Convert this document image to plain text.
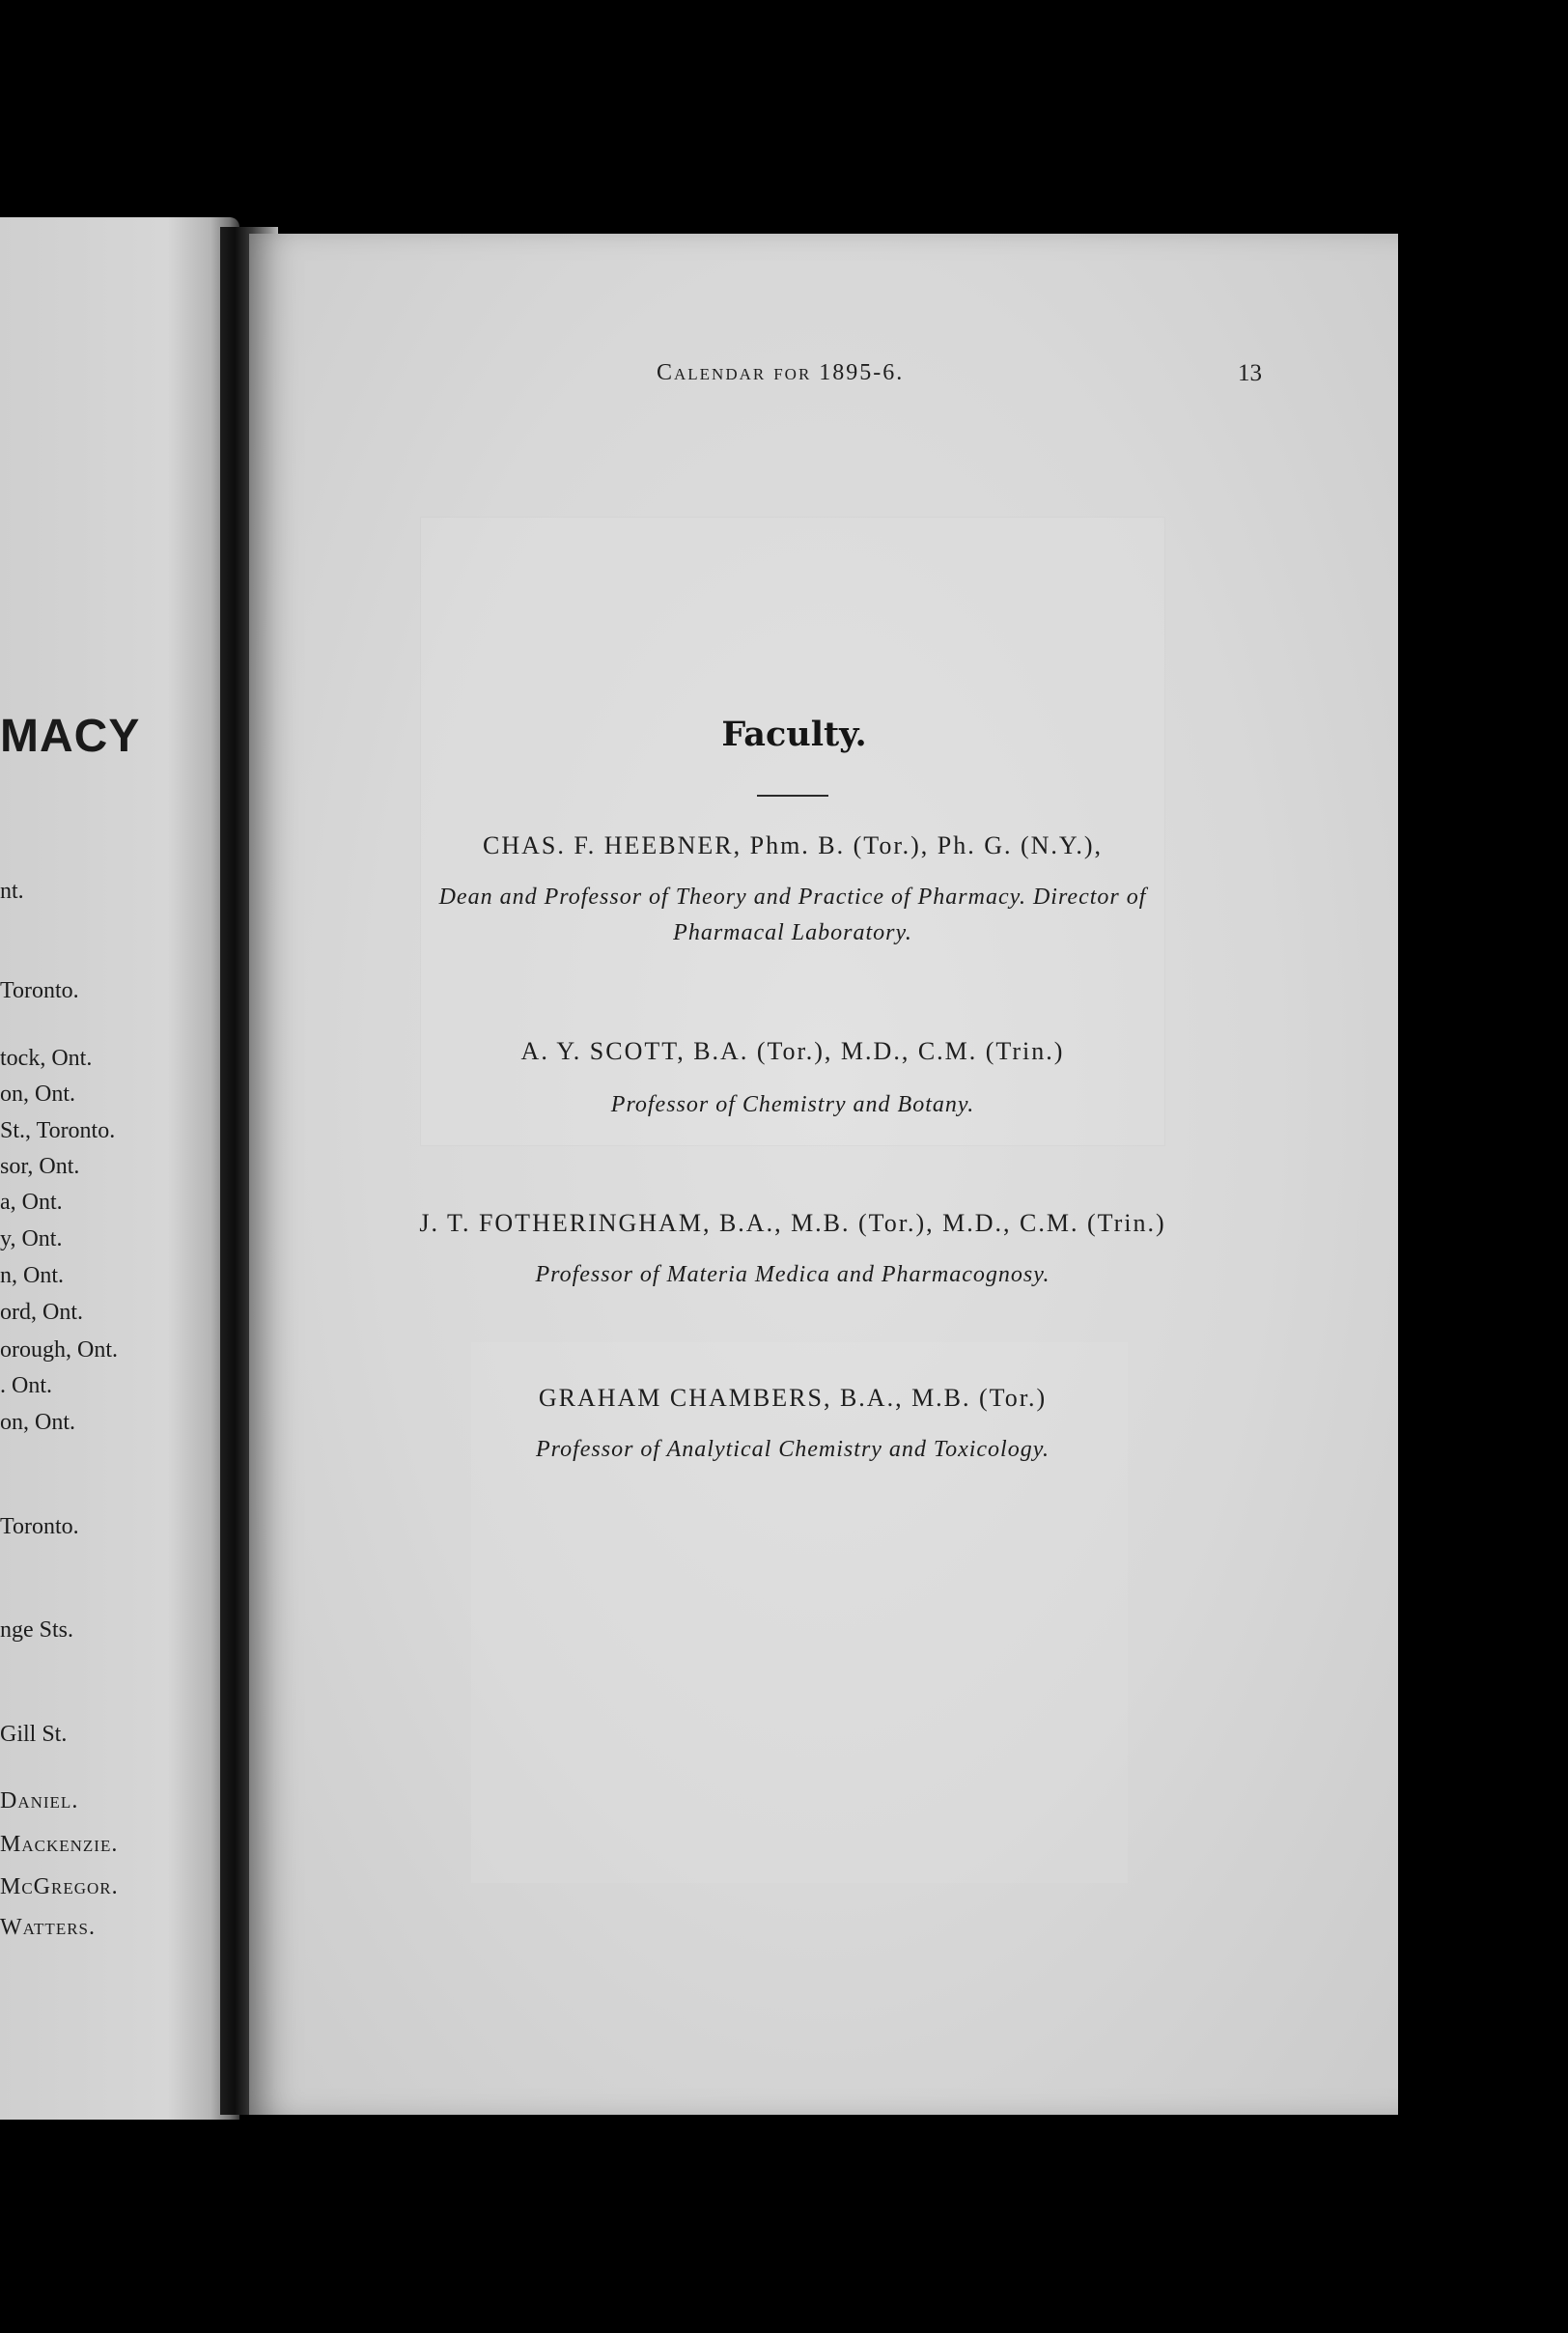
MACY
nt.
Toronto.
tock, Ont.
on, Ont.
St., Toronto.
sor, Ont.
a, Ont.
y, Ont.
n, Ont.
ord, Ont.
orough, Ont.
. Ont.
on, Ont.
Toronto.
nge Sts.
Gill St.
Daniel.
Mackenzie.
McGregor.
Watters.
Calendar for 1895-6.	13
Faculty.
CHAS. F. HEEBNER, Phm. B. (Tor.), Ph. G. (N.Y.),
Dean and Professor of Theory and Practice of Pharmacy. Director of
Pharmacal Laboratory.
A. Y. SCOTT, B.A. (Tor.), M.D., C.M. (Trin.)
Professor of Chemistry and Botany.
J. T. FOTHERINGHAM, B.A., M.B. (Tor.), M.D., C.M. (Trin.)
Professor of Materia Medica and Pharmacognosy.
GRAHAM CHAMBERS, B.A., M.B. (Tor.)
Professor of Analytical Chemistry and Toxicology.
